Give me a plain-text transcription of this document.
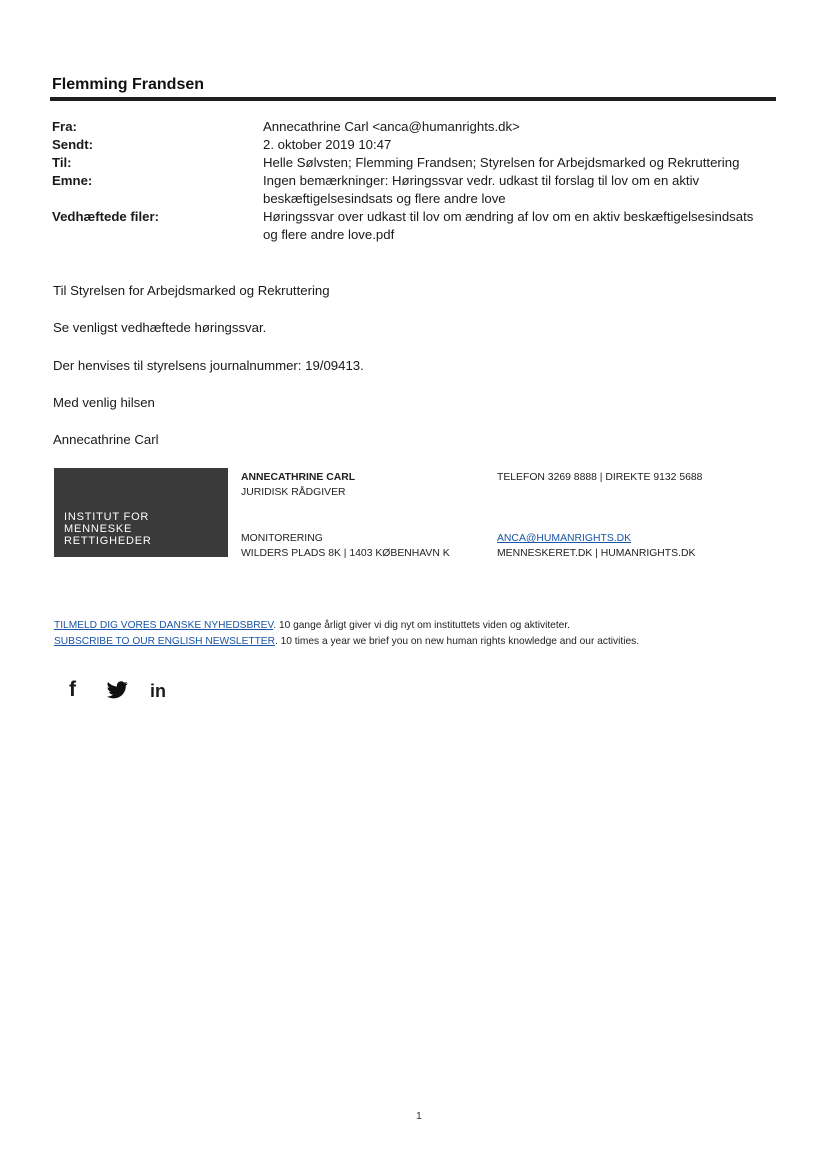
Flemming Frandsen
Fra:	Annecathrine Carl <anca@humanrights.dk>
Sendt:	2. oktober 2019 10:47
Til:	Helle Sølvsten; Flemming Frandsen; Styrelsen for Arbejdsmarked og Rekruttering
Emne:	Ingen bemærkninger: Høringssvar vedr. udkast til forslag til lov om en aktiv
beskæftigelsesindsats og flere andre love
Vedhæftede filer:	Høringssvar over udkast til lov om ændring af lov om en aktiv beskæftigelsesindsats
og flere andre love.pdf
Til Styrelsen for Arbejdsmarked og Rekruttering
Se venligst vedhæftede høringssvar.
Der henvises til styrelsens journalnummer: 19/09413.
Med venlig hilsen
Annecathrine Carl
INSTITUT FOR
MENNESKE
RETTIGHEDER
ANNECATHRINE CARL
JURIDISK RÅDGIVER
TELEFON 3269 8888 | DIREKTE 9132 5688
MONITORERING
WILDERS PLADS 8K | 1403 KØBENHAVN K
ANCA@HUMANRIGHTS.DK
MENNESKERET.DK | HUMANRIGHTS.DK
TILMELD DIG VORES DANSKE NYHEDSBREV. 10 gange årligt giver vi dig nyt om instituttets viden og aktiviteter.
SUBSCRIBE TO OUR ENGLISH NEWSLETTER. 10 times a year we brief you on new human rights knowledge and our activities.
f	in
1
